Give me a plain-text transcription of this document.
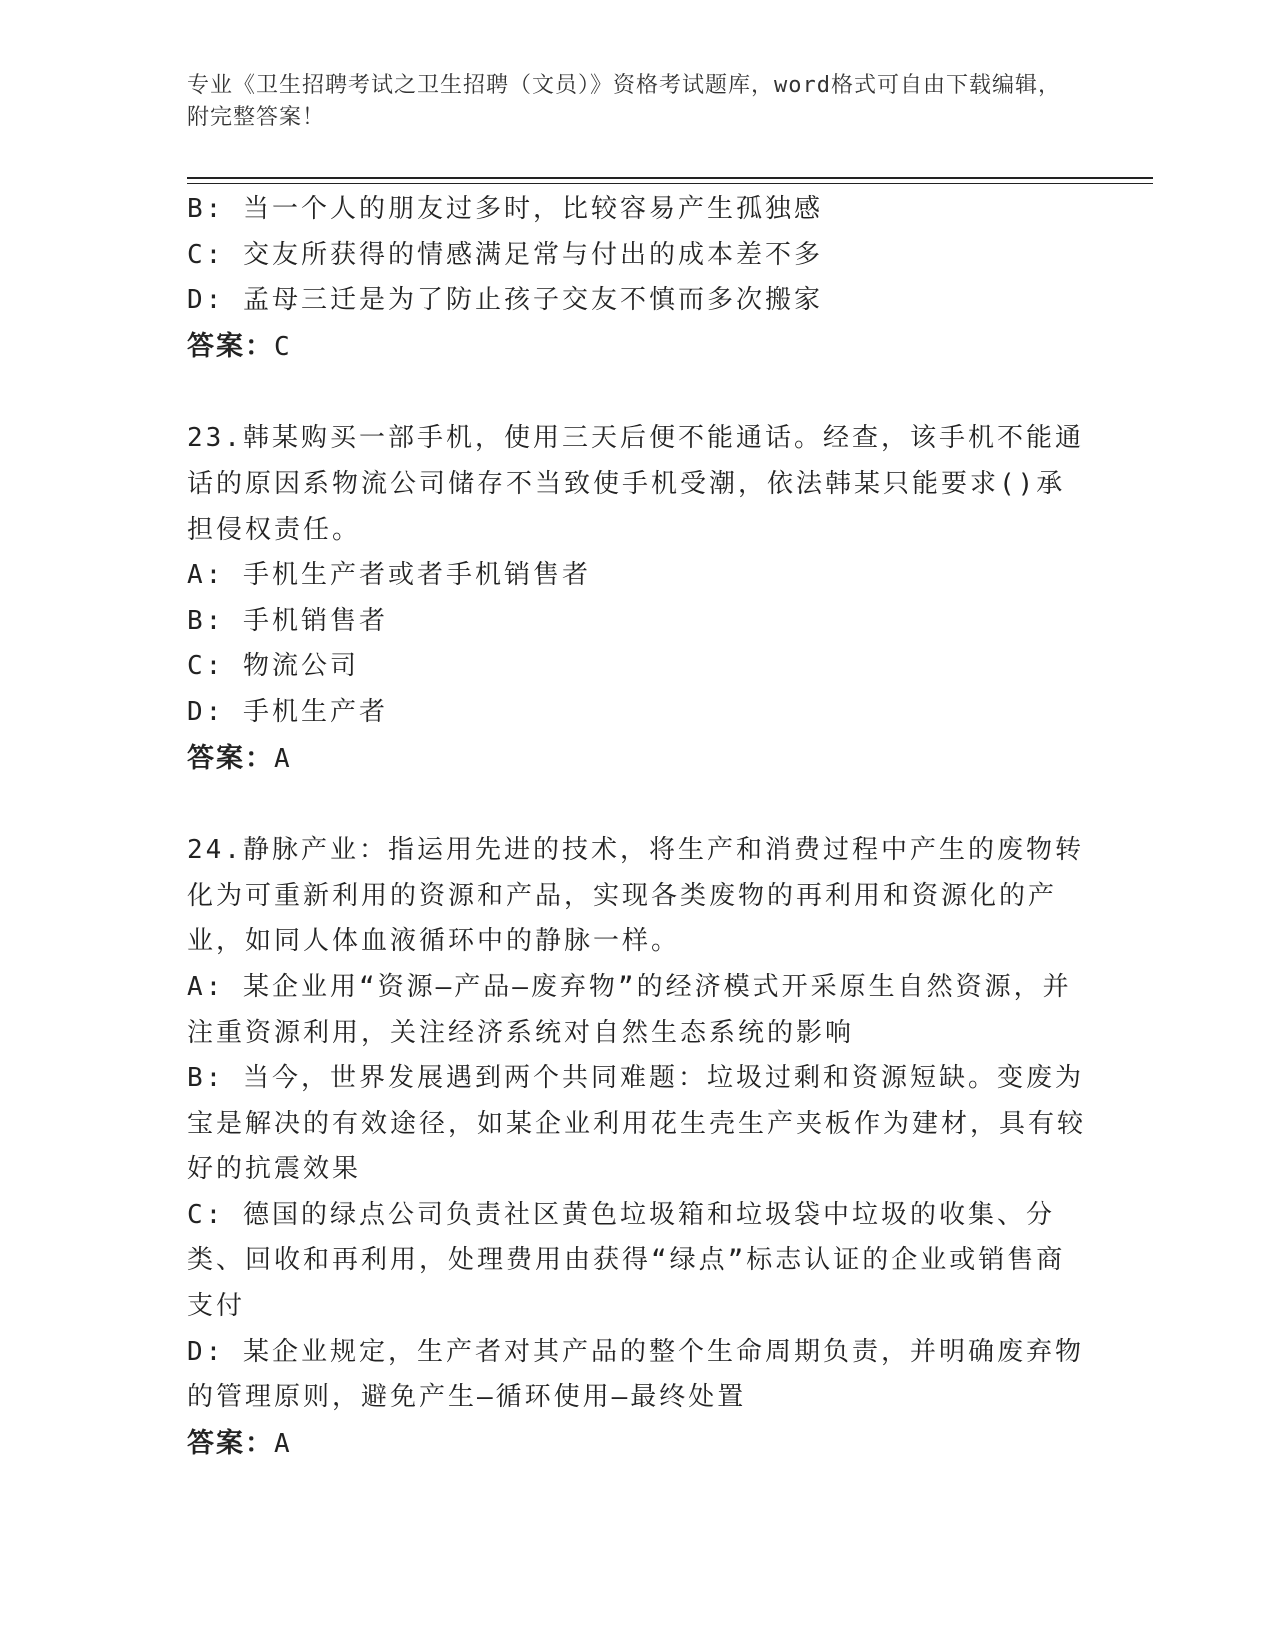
专业《卫生招聘考试之卫生招聘（文员）》资格考试题库，word格式可自由下载编辑，附完整答案！
B: 当一个人的朋友过多时，比较容易产生孤独感
C: 交友所获得的情感满足常与付出的成本差不多
D: 孟母三迁是为了防止孩子交友不慎而多次搬家
答案：C
23.韩某购买一部手机，使用三天后便不能通话。经查，该手机不能通话的原因系物流公司储存不当致使手机受潮，依法韩某只能要求()承担侵权责任。
A: 手机生产者或者手机销售者
B: 手机销售者
C: 物流公司
D: 手机生产者
答案：A
24.静脉产业：指运用先进的技术，将生产和消费过程中产生的废物转化为可重新利用的资源和产品，实现各类废物的再利用和资源化的产业，如同人体血液循环中的静脉一样。
A: 某企业用“资源—产品—废弃物”的经济模式开采原生自然资源，并注重资源利用，关注经济系统对自然生态系统的影响
B: 当今，世界发展遇到两个共同难题：垃圾过剩和资源短缺。变废为宝是解决的有效途径，如某企业利用花生壳生产夹板作为建材，具有较好的抗震效果
C: 德国的绿点公司负责社区黄色垃圾箱和垃圾袋中垃圾的收集、分类、回收和再利用，处理费用由获得“绿点”标志认证的企业或销售商支付
D: 某企业规定，生产者对其产品的整个生命周期负责，并明确废弃物的管理原则，避免产生—循环使用—最终处置
答案：A
